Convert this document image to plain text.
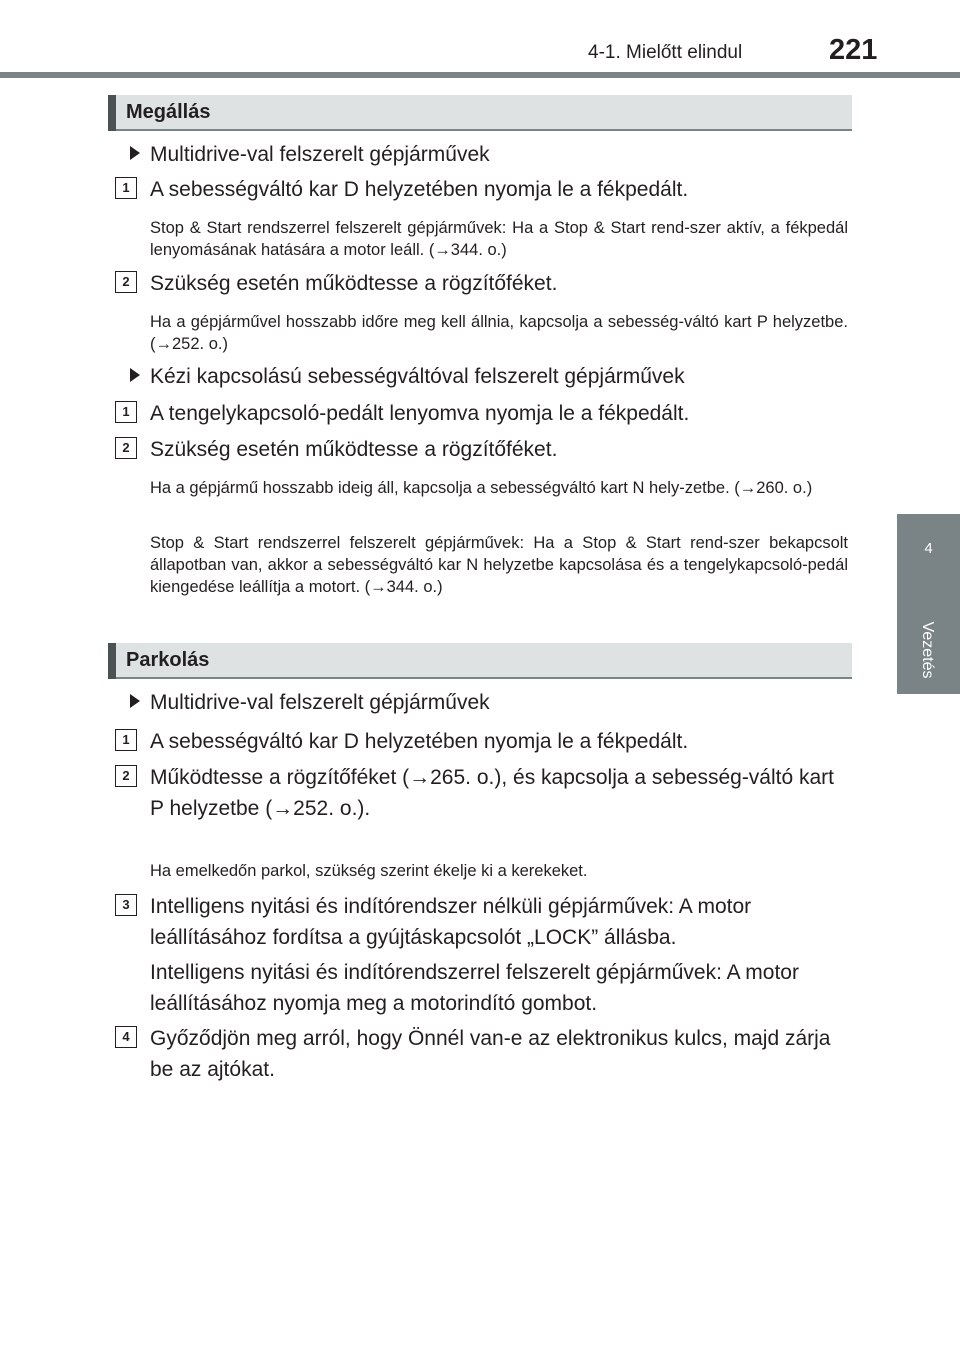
4-1. Mielőtt elindul	221
4
Vezetés
Megállás
Multidrive-val felszerelt gépjárművek
1 A sebességváltó kar D helyzetében nyomja le a fékpedált.
Stop & Start rendszerrel felszerelt gépjárművek: Ha a Stop & Start rend-szer aktív, a fékpedál lenyomásának hatására a motor leáll. (→344. o.)
2 Szükség esetén működtesse a rögzítőféket.
Ha a gépjárművel hosszabb időre meg kell állnia, kapcsolja a sebesség-váltó kart P helyzetbe. (→252. o.)
Kézi kapcsolású sebességváltóval felszerelt gépjárművek
1 A tengelykapcsoló-pedált lenyomva nyomja le a fékpedált.
2 Szükség esetén működtesse a rögzítőféket.
Ha a gépjármű hosszabb ideig áll, kapcsolja a sebességváltó kart N hely-zetbe. (→260. o.)
Stop & Start rendszerrel felszerelt gépjárművek: Ha a Stop & Start rend-szer bekapcsolt állapotban van, akkor a sebességváltó kar N helyzetbe kapcsolása és a tengelykapcsoló-pedál kiengedése leállítja a motort. (→344. o.)
Parkolás
Multidrive-val felszerelt gépjárművek
1 A sebességváltó kar D helyzetében nyomja le a fékpedált.
2 Működtesse a rögzítőféket (→265. o.), és kapcsolja a sebesség-váltó kart P helyzetbe (→252. o.).
Ha emelkedőn parkol, szükség szerint ékelje ki a kerekeket.
3 Intelligens nyitási és indítórendszer nélküli gépjárművek: A motor leállításához fordítsa a gyújtáskapcsolót „LOCK” állásba.
Intelligens nyitási és indítórendszerrel felszerelt gépjárművek: A motor leállításához nyomja meg a motorindító gombot.
4 Győződjön meg arról, hogy Önnél van-e az elektronikus kulcs, majd zárja be az ajtókat.
